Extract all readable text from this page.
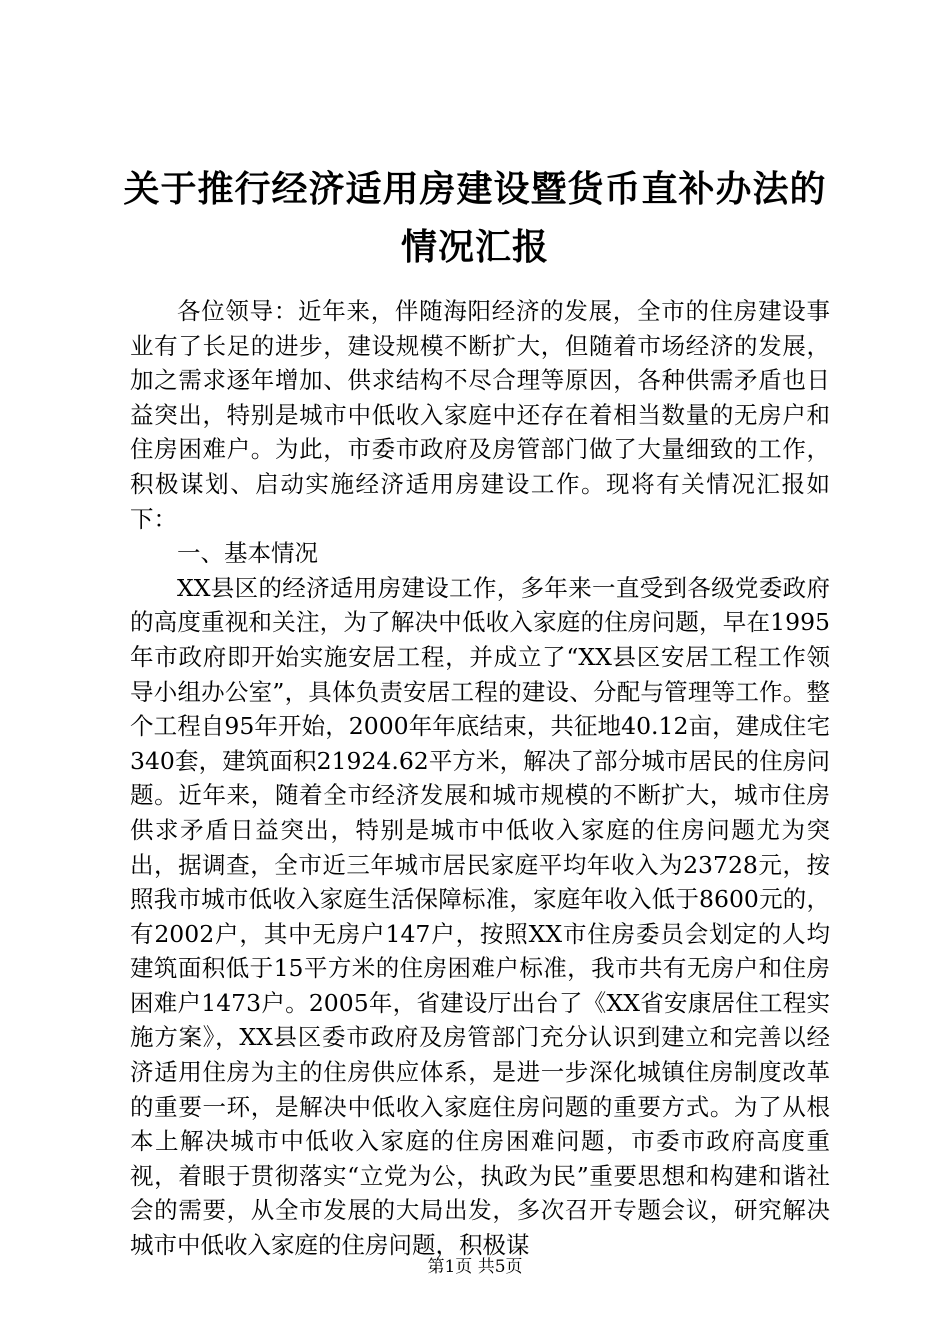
关于推行经济适用房建设暨货币直补办法的情况汇报

各位领导：近年来，伴随海阳经济的发展，全市的住房建设事业有了长足的进步，建设规模不断扩大，但随着市场经济的发展，加之需求逐年增加、供求结构不尽合理等原因，各种供需矛盾也日益突出，特别是城市中低收入家庭中还存在着相当数量的无房户和住房困难户。为此，市委市政府及房管部门做了大量细致的工作，积极谋划、启动实施经济适用房建设工作。现将有关情况汇报如下：

一、基本情况

XX县区的经济适用房建设工作，多年来一直受到各级党委政府的高度重视和关注，为了解决中低收入家庭的住房问题，早在1995年市政府即开始实施安居工程，并成立了“XX县区安居工程工作领导小组办公室”，具体负责安居工程的建设、分配与管理等工作。整个工程自95年开始，2000年年底结束，共征地40.12亩，建成住宅340套，建筑面积21924.62平方米，解决了部分城市居民的住房问题。近年来，随着全市经济发展和城市规模的不断扩大，城市住房供求矛盾日益突出，特别是城市中低收入家庭的住房问题尤为突出，据调查，全市近三年城市居民家庭平均年收入为23728元，按照我市城市低收入家庭生活保障标准，家庭年收入低于8600元的，有2002户，其中无房户147户，按照XX市住房委员会划定的人均建筑面积低于15平方米的住房困难户标准，我市共有无房户和住房困难户1473户。2005年，省建设厅出台了《XX省安康居住工程实施方案》，XX县区委市政府及房管部门充分认识到建立和完善以经济适用住房为主的住房供应体系，是进一步深化城镇住房制度改革的重要一环，是解决中低收入家庭住房问题的重要方式。为了从根本上解决城市中低收入家庭的住房困难问题，市委市政府高度重视，着眼于贯彻落实“立党为公，执政为民”重要思想和构建和谐社会的需要，从全市发展的大局出发，多次召开专题会议，研究解决城市中低收入家庭的住房问题，积极谋

第1页 共5页
